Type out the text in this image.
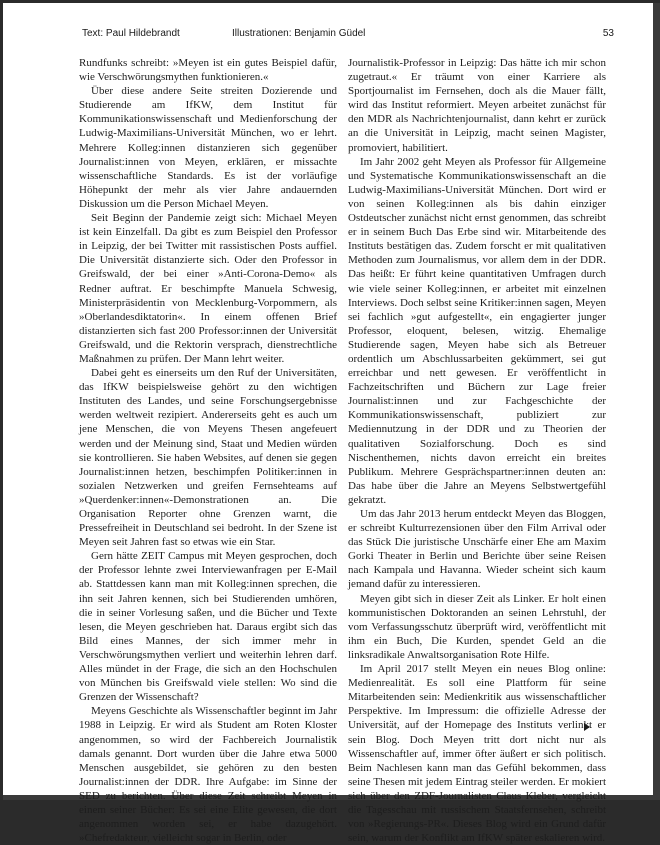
Text: Paul Hildebrandt	Illustrationen: Benjamin Güdel	53

Rundfunks schreibt: »Meyen ist ein gutes Beispiel dafür, wie Verschwörungsmythen funktionieren.«

Über diese andere Seite streiten Dozierende und Studierende am IfKW, dem Institut für Kommunikationswissenschaft und Medienforschung der Ludwig-Maximilians-Universität München, wo er lehrt. Mehrere Kolleg:innen distanzieren sich gegenüber Journalist:innen von Meyen, erklären, er missachte wissenschaftliche Standards. Es ist der vorläufige Höhepunkt der mehr als vier Jahre andauernden Diskussion um die Person Michael Meyen.

Seit Beginn der Pandemie zeigt sich: Michael Meyen ist kein Einzelfall. Da gibt es zum Beispiel den Professor in Leipzig, der bei Twitter mit rassistischen Posts auffiel. Die Universität distanzierte sich. Oder den Professor in Greifswald, der bei einer »Anti-Corona-Demo« als Redner auftrat. Er beschimpfte Manuela Schwesig, Ministerpräsidentin von Mecklenburg-Vorpommern, als »Oberlandesdiktatorin«. In einem offenen Brief distanzierten sich fast 200 Professor:innen der Universität Greifswald, und die Rektorin versprach, dienstrechtliche Maßnahmen zu prüfen. Der Mann lehrt weiter.

Dabei geht es einerseits um den Ruf der Universitäten, das IfKW beispielsweise gehört zu den wichtigen Instituten des Landes, und seine Forschungsergebnisse werden weltweit rezipiert. Andererseits geht es auch um jene Menschen, die von Meyens Thesen angefeuert werden und der Meinung sind, Staat und Medien würden sie kontrollieren. Sie haben Websites, auf denen sie gegen Journalist:innen hetzen, beschimpfen Politiker:innen in sozialen Netzwerken und greifen Fernsehteams auf »Querdenker:innen«-Demonstrationen an. Die Organisation Reporter ohne Grenzen warnt, die Pressefreiheit in Deutschland sei bedroht. In der Szene ist Meyen seit Jahren fast so etwas wie ein Star.

Gern hätte ZEIT Campus mit Meyen gesprochen, doch der Professor lehnte zwei Interviewanfragen per E-Mail ab. Stattdessen kann man mit Kolleg:innen sprechen, die ihn seit Jahren kennen, sich bei Studierenden umhören, die in seiner Vorlesung saßen, und die Bücher und Texte lesen, die Meyen geschrieben hat. Daraus ergibt sich das Bild eines Mannes, der sich immer mehr in Verschwörungsmythen verliert und weiterhin lehren darf. Alles mündet in der Frage, die sich an den Hochschulen von München bis Greifswald viele stellen: Wo sind die Grenzen der Wissenschaft?

Meyens Geschichte als Wissenschaftler beginnt im Jahr 1988 in Leipzig. Er wird als Student am Roten Kloster angenommen, so wird der Fachbereich Journalistik damals genannt. Dort wurden über die Jahre etwa 5000 Menschen ausgebildet, sie gehören zu den besten Journalist:innen der DDR. Ihre Aufgabe: im Sinne der SED zu berichten. Über diese Zeit schreibt Meyen in einem seiner Bücher: Es sei eine Elite gewesen, die dort angenommen worden sei, er habe dazugehört. »Chefredakteur, vielleicht sogar in Berlin, oder

Journalistik-Professor in Leipzig: Das hätte ich mir schon zugetraut.« Er träumt von einer Karriere als Sportjournalist im Fernsehen, doch als die Mauer fällt, wird das Institut reformiert. Meyen arbeitet zunächst für den MDR als Nachrichtenjournalist, dann kehrt er zurück an die Universität in Leipzig, macht seinen Magister, promoviert, habilitiert.

Im Jahr 2002 geht Meyen als Professor für Allgemeine und Systematische Kommunikationswissenschaft an die Ludwig-Maximilians-Universität München. Dort wird er von seinen Kolleg:innen als bis dahin einziger Ostdeutscher zunächst nicht ernst genommen, das schreibt er in seinem Buch Das Erbe sind wir. Mitarbeitende des Instituts bestätigen das. Zudem forscht er mit qualitativen Methoden zum Journalismus, vor allem dem in der DDR. Das heißt: Er führt keine quantitativen Umfragen durch wie viele seiner Kolleg:innen, er arbeitet mit einzelnen Interviews. Doch selbst seine Kritiker:innen sagen, Meyen sei fachlich »gut aufgestellt«, ein engagierter junger Professor, eloquent, belesen, witzig. Ehemalige Studierende sagen, Meyen habe sich als Betreuer ordentlich um Abschlussarbeiten gekümmert, sei gut erreichbar und nett gewesen. Er veröffentlicht in Fachzeitschriften und Büchern zur Lage freier Journalist:innen und zur Fachgeschichte der Kommunikationswissenschaft, publiziert zur Mediennutzung in der DDR und zu Theorien der qualitativen Sozialforschung. Doch es sind Nischenthemen, nichts davon erreicht ein breites Publikum. Mehrere Gesprächspartner:innen deuten an: Das habe über die Jahre an Meyens Selbstwertgefühl gekratzt.

Um das Jahr 2013 herum entdeckt Meyen das Bloggen, er schreibt Kulturrezensionen über den Film Arrival oder das Stück Die juristische Unschärfe einer Ehe am Maxim Gorki Theater in Berlin und Berichte über seine Reisen nach Kampala und Havanna. Wieder scheint sich kaum jemand dafür zu interessieren.

Meyen gibt sich in dieser Zeit als Linker. Er holt einen kommunistischen Doktoranden an seinen Lehrstuhl, der vom Verfassungsschutz überprüft wird, veröffentlicht mit ihm ein Buch, Die Kurden, spendet Geld an die linksradikale Anwaltsorganisation Rote Hilfe.

Im April 2017 stellt Meyen ein neues Blog online: Medienrealität. Es soll eine Plattform für seine Mitarbeitenden sein: Medienkritik aus wissenschaftlicher Perspektive. Im Impressum: die offizielle Adresse der Universität, auf der Homepage des Instituts verlinkt er sein Blog. Doch Meyen tritt dort nicht nur als Wissenschaftler auf, immer öfter äußert er sich politisch. Beim Nachlesen kann man das Gefühl bekommen, dass seine Thesen mit jedem Eintrag steiler werden. Er mokiert sich über den ZDF-Journalisten Claus Kleber, vergleicht die Tagesschau mit russischem Staatsfernsehen, schreibt von »Regierungs-PR«. Dieses Blog wird ein Grund dafür sein, warum der Konflikt am IfKW später eskalieren wird.
